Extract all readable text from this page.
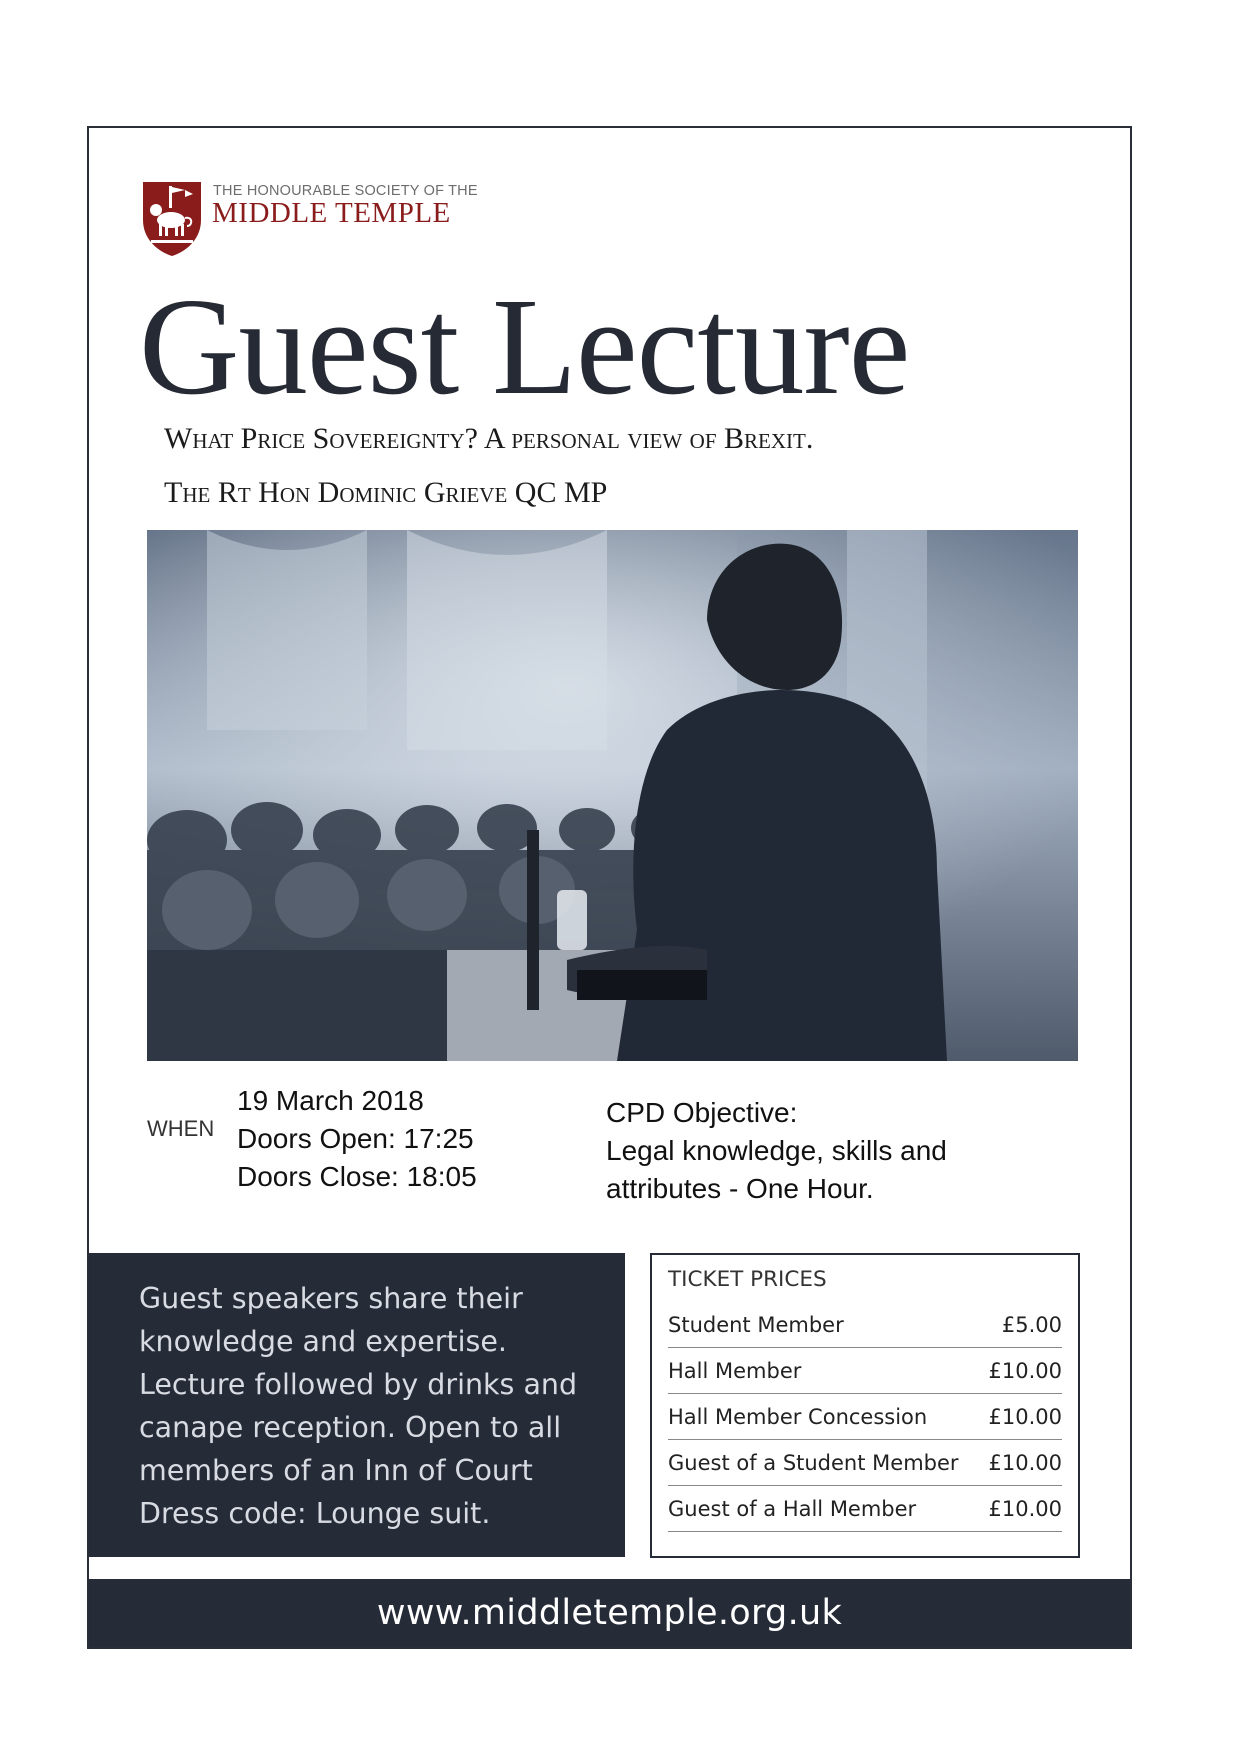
THE HONOURABLE SOCIETY OF THE
MIDDLE TEMPLE
Guest Lecture
What Price Sovereignty? A personal view of Brexit.
The Rt Hon Dominic Grieve QC MP
WHEN
19 March 2018
Doors Open: 17:25
Doors Close: 18:05
CPD Objective:
Legal knowledge, skills and
attributes - One Hour.

Guest speakers share their

knowledge and expertise.

Lecture followed by drinks and

canape reception. Open to all

members of an Inn of Court

Dress code: Lounge suit.

TICKET PRICES
Student Member	£5.00
Hall Member	£10.00
Hall Member Concession	£10.00
Guest of a Student Member £10.00
Guest of a Hall Member	£10.00
www.middletemple.org.uk
